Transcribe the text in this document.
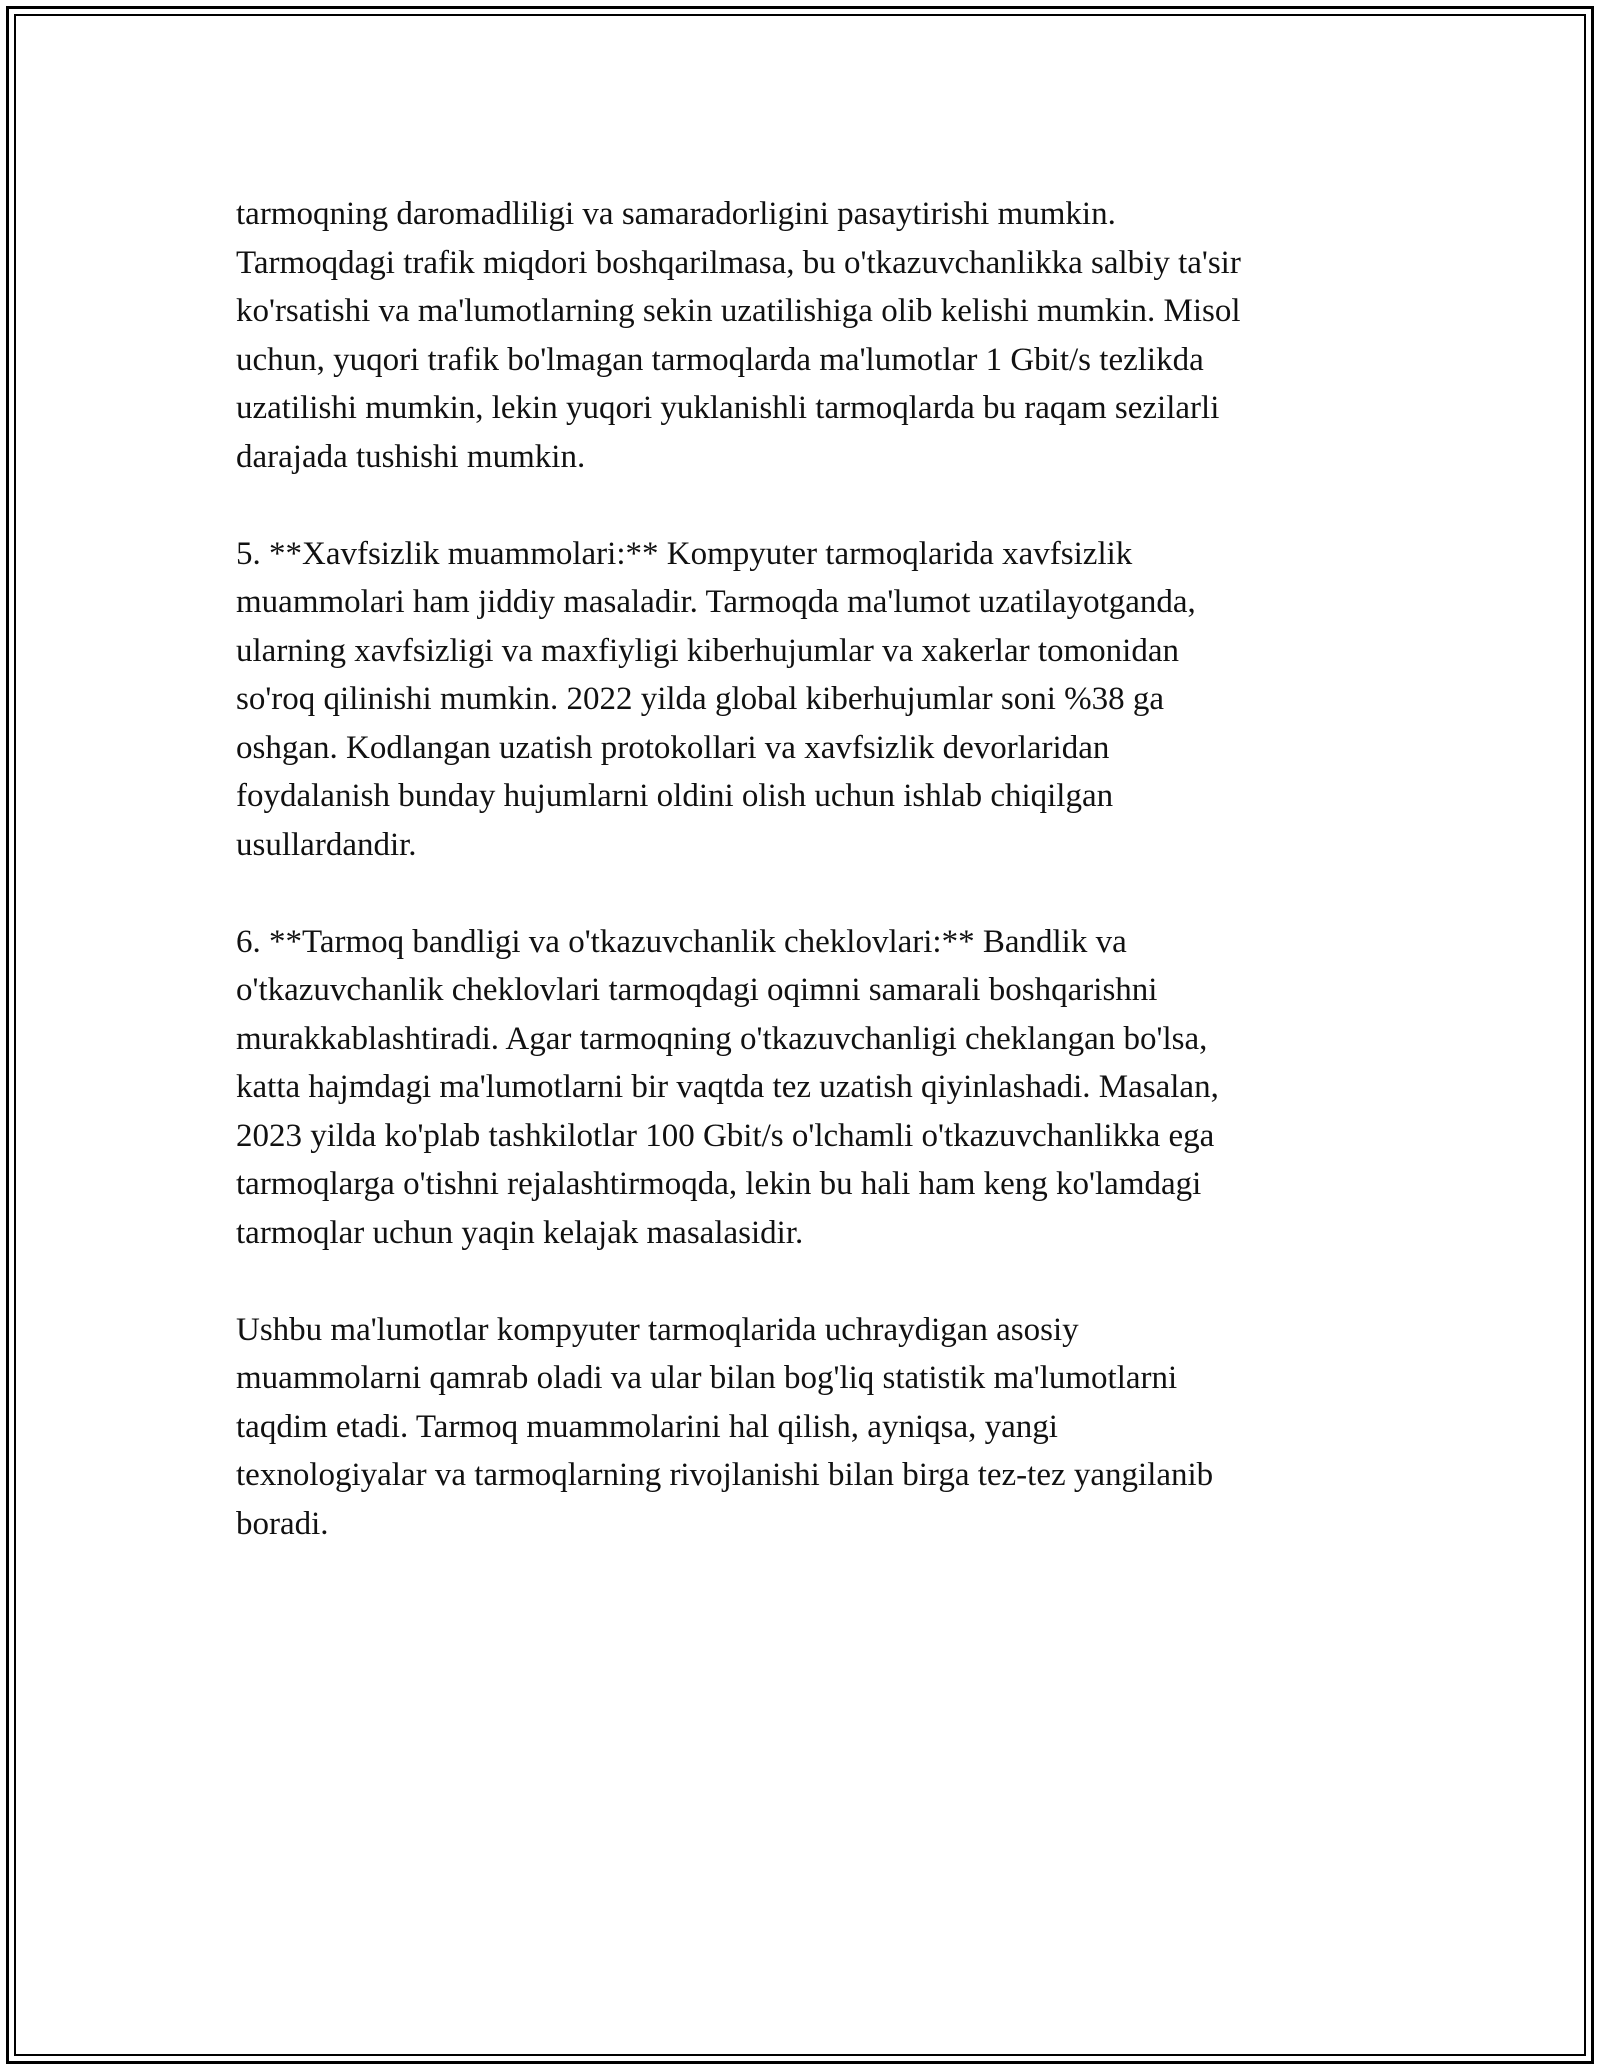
tarmoqning daromadliligi va samaradorligini pasaytirishi mumkin.
Tarmoqdagi trafik miqdori boshqarilmasa, bu o'tkazuvchanlikka salbiy ta'sir
ko'rsatishi va ma'lumotlarning sekin uzatilishiga olib kelishi mumkin. Misol
uchun, yuqori trafik bo'lmagan tarmoqlarda ma'lumotlar 1 Gbit/s tezlikda
uzatilishi mumkin, lekin yuqori yuklanishli tarmoqlarda bu raqam sezilarli
darajada tushishi mumkin.

5. **Xavfsizlik muammolari:** Kompyuter tarmoqlarida xavfsizlik
muammolari ham jiddiy masaladir. Tarmoqda ma'lumot uzatilayotganda,
ularning xavfsizligi va maxfiyligi kiberhujumlar va xakerlar tomonidan
so'roq qilinishi mumkin. 2022 yilda global kiberhujumlar soni %38 ga
oshgan. Kodlangan uzatish protokollari va xavfsizlik devorlaridan
foydalanish bunday hujumlarni oldini olish uchun ishlab chiqilgan
usullardandir.

6. **Tarmoq bandligi va o'tkazuvchanlik cheklovlari:** Bandlik va
o'tkazuvchanlik cheklovlari tarmoqdagi oqimni samarali boshqarishni
murakkablashtiradi. Agar tarmoqning o'tkazuvchanligi cheklangan bo'lsa,
katta hajmdagi ma'lumotlarni bir vaqtda tez uzatish qiyinlashadi. Masalan,
2023 yilda ko'plab tashkilotlar 100 Gbit/s o'lchamli o'tkazuvchanlikka ega
tarmoqlarga o'tishni rejalashtirmoqda, lekin bu hali ham keng ko'lamdagi
tarmoqlar uchun yaqin kelajak masalasidir.

Ushbu ma'lumotlar kompyuter tarmoqlarida uchraydigan asosiy
muammolarni qamrab oladi va ular bilan bog'liq statistik ma'lumotlarni
taqdim etadi. Tarmoq muammolarini hal qilish, ayniqsa, yangi
texnologiyalar va tarmoqlarning rivojlanishi bilan birga tez-tez yangilanib
boradi.
